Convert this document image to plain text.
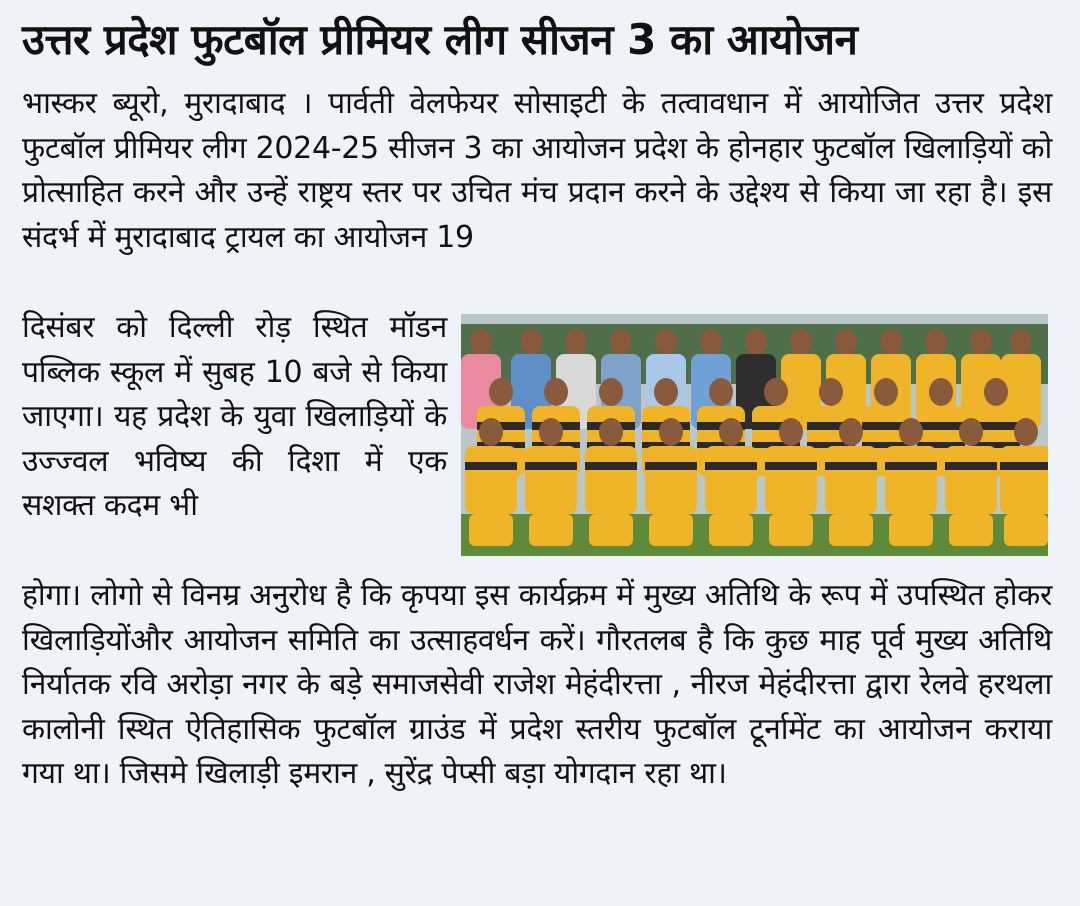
उत्तर प्रदेश फुटबॉल प्रीमियर लीग सीजन 3 का आयोजन
भास्कर ब्यूरो, मुरादाबाद । पार्वती वेलफेयर सोसाइटी के तत्वावधान में आयोजित उत्तर प्रदेश फुटबॉल प्रीमियर लीग 2024-25 सीजन 3 का आयोजन प्रदेश के होनहार फुटबॉल खिलाड़ियों को प्रोत्साहित करने और उन्हें राष्ट्रय स्तर पर उचित मंच प्रदान करने के उद्देश्य से किया जा रहा है। इस संदर्भ में मुरादाबाद ट्रायल का आयोजन 19
दिसंबर को दिल्ली रोड़ स्थित मॉडन पब्लिक स्कूल में सुबह 10 बजे से किया जाएगा। यह प्रदेश के युवा खिलाड़ियों के उज्ज्वल भविष्य की दिशा में एक सशक्त कदम भी
होगा। लोगो से विनम्र अनुरोध है कि कृपया इस कार्यक्रम में मुख्य अतिथि के रूप में उपस्थित होकर खिलाड़ियोंऔर आयोजन समिति का उत्साहवर्धन करें। गौरतलब है कि कुछ माह पूर्व मुख्य अतिथि निर्यातक रवि अरोड़ा नगर के बड़े समाजसेवी राजेश मेहंदीरत्ता , नीरज मेहंदीरत्ता द्वारा रेलवे हरथला कालोनी स्थित ऐतिहासिक फुटबॉल ग्राउंड में प्रदेश स्तरीय फुटबॉल टूर्नामेंट का आयोजन कराया गया था। जिसमे खिलाड़ी इमरान , सुरेंद्र पेप्सी बड़ा योगदान रहा था।
